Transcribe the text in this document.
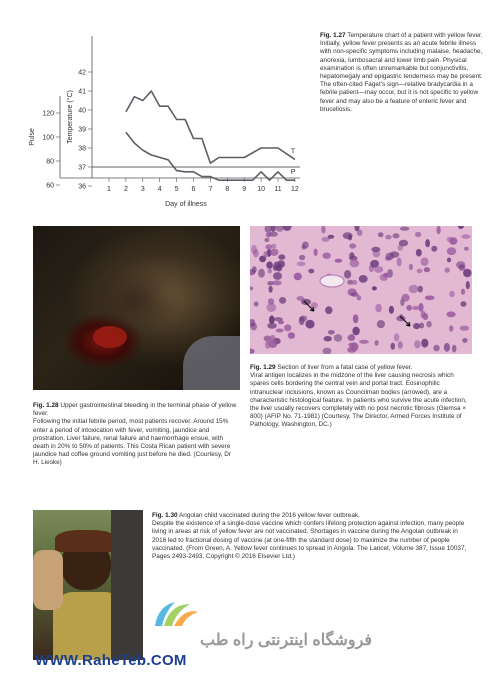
42
41
40
39
38
37
36
120
100
80
60	1 2 3 4 5 6 7 8 9 10 11 12
Day of illness
Pulse	Temperature (°C)
T
P
Fig. 1.27 Temperature chart of a patient with yellow fever.
Initially, yellow fever presents as an acute febrile illness with non-specific symptoms including malaise, headache, anorexia, lumbosacral and lower limb pain. Physical examination is often unremarkable but conjunctivitis, hepatomegaly and epigastric tenderness may be present. The often-cited Faget's sign—relative bradycardia in a febrile patient—may occur, but it is not specific to yellow fever and may also be a feature of enteric fever and brucellosis.
Fig. 1.28 Upper gastrointestinal bleeding in the terminal phase of yellow fever.
Following the initial febrile period, most patients recover. Around 15% enter a period of intoxication with fever, vomiting, jaundice and prostration. Liver failure, renal failure and haemorrhage ensue, with death in 20% to 50% of patients. This Costa Rican patient with severe jaundice had coffee ground vomiting just before he died. (Courtesy, Dr H. Lieske)
Fig. 1.29 Section of liver from a fatal case of yellow fever.
Viral antigen localizes in the midzone of the liver causing necrosis which spares cells bordering the central vein and portal tract. Eosinophilic intranuclear inclusions, known as Councilman bodies (arrowed), are a characteristic histological feature. In patients who survive the acute infection, the liver usually recovers completely with no post necrotic fibrosis (Giemsa × 800) (AFIP No. 71-1981) (Courtesy, The Director, Armed Forces Institute of Pathology, Washington, DC.)
Fig. 1.30 Angolan child vaccinated during the 2016 yellow fever outbreak.
Despite the existence of a single-dose vaccine which confers lifelong protection against infection, many people living in areas at risk of yellow fever are not vaccinated. Shortages in vaccine during the Angolan outbreak in 2016 led to fractional dosing of vaccine (at one-fifth the standard dose) to maximize the number of people vaccinated. (From Green, A. Yellow fever continues to spread in Angola. The Lancet, Volume 387, Issue 10037, Pages 2493-2493. Copyright © 2016 Elsevier Ltd.)
فروشگاه اینترنتی راه طب
WWW.RaheTeb.COM
